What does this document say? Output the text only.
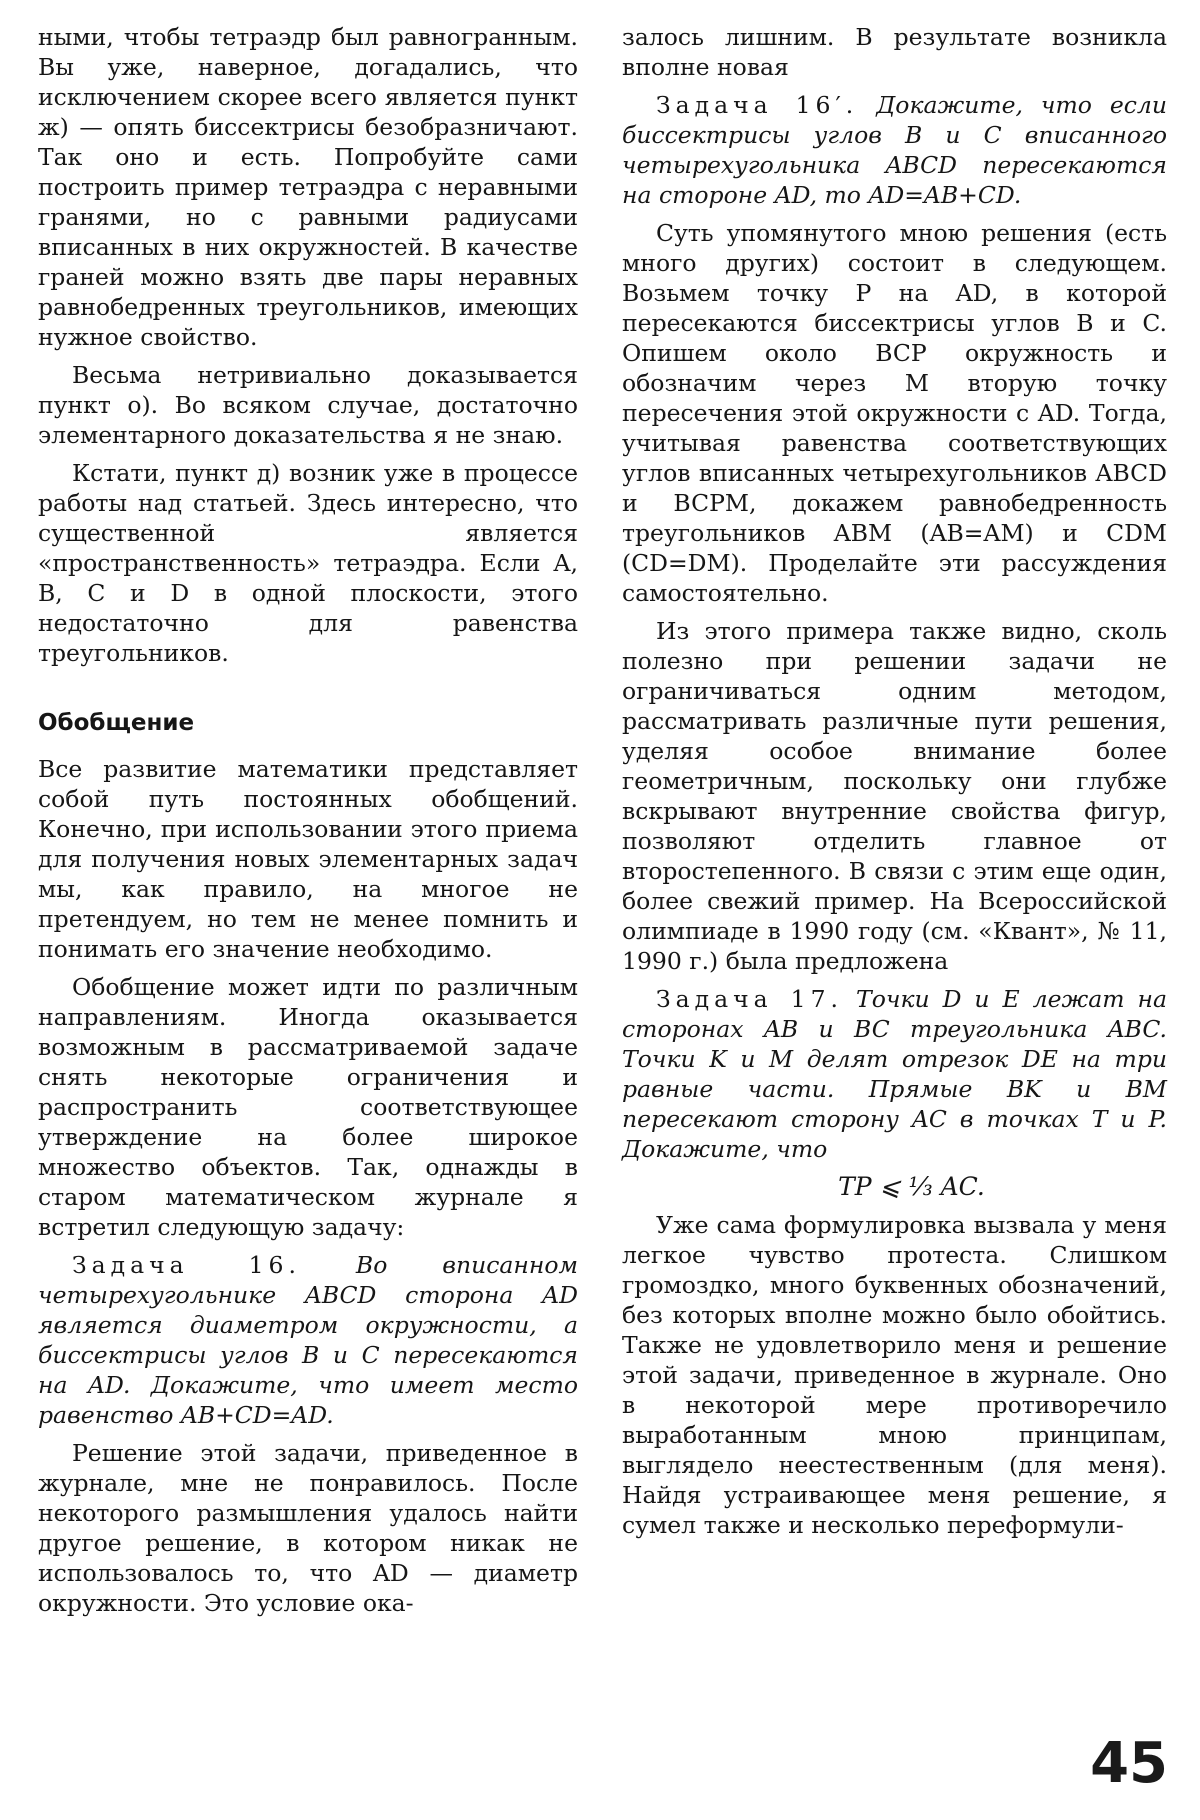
ными, чтобы тетраэдр был равногранным. Вы уже, наверное, догадались, что исключением скорее всего является пункт ж) — опять биссектрисы безобразничают. Так оно и есть. Попробуйте сами построить пример тетраэдра с неравными гранями, но с равными радиусами вписанных в них окружностей. В качестве граней можно взять две пары неравных равнобедренных треугольников, имеющих нужное свойство.

Весьма нетривиально доказывается пункт о). Во всяком случае, достаточно элементарного доказательства я не знаю.

Кстати, пункт д) возник уже в процессе работы над статьей. Здесь интересно, что существенной является «пространственность» тетраэдра. Если A, B, C и D в одной плоскости, этого недостаточно для равенства треугольников.

Обобщение

Все развитие математики представляет собой путь постоянных обобщений. Конечно, при использовании этого приема для получения новых элементарных задач мы, как правило, на многое не претендуем, но тем не менее помнить и понимать его значение необходимо.

Обобщение может идти по различным направлениям. Иногда оказывается возможным в рассматриваемой задаче снять некоторые ограничения и распространить соответствующее утверждение на более широкое множество объектов. Так, однажды в старом математическом журнале я встретил следующую задачу:

Задача 16. Во вписанном четырехугольнике ABCD сторона AD является диаметром окружности, а биссектрисы углов B и C пересекаются на AD. Докажите, что имеет место равенство AB+CD=AD.

Решение этой задачи, приведенное в журнале, мне не понравилось. После некоторого размышления удалось найти другое решение, в котором никак не использовалось то, что AD — диаметр окружности. Это условие ока-

залось лишним. В результате возникла вполне новая

Задача 16′. Докажите, что если биссектрисы углов B и C вписанного четырехугольника ABCD пересекаются на стороне AD, то AD=AB+CD.

Суть упомянутого мною решения (есть много других) состоит в следующем. Возьмем точку P на AD, в которой пересекаются биссектрисы углов B и C. Опишем около BCP окружность и обозначим через M вторую точку пересечения этой окружности с AD. Тогда, учитывая равенства соответствующих углов вписанных четырехугольников ABCD и BCPM, докажем равнобедренность треугольников ABM (AB=AM) и CDM (CD=DM). Проделайте эти рассуждения самостоятельно.

Из этого примера также видно, сколь полезно при решении задачи не ограничиваться одним методом, рассматривать различные пути решения, уделяя особое внимание более геометричным, поскольку они глубже вскрывают внутренние свойства фигур, позволяют отделить главное от второстепенного. В связи с этим еще один, более свежий пример. На Всероссийской олимпиаде в 1990 году (см. «Квант», № 11, 1990 г.) была предложена

Задача 17. Точки D и E лежат на сторонах AB и BC треугольника ABC. Точки K и M делят отрезок DE на три равные части. Прямые BK и BM пересекают сторону AC в точках T и P. Докажите, что

TP ⩽ ⅓ AC.

Уже сама формулировка вызвала у меня легкое чувство протеста. Слишком громоздко, много буквенных обозначений, без которых вполне можно было обойтись. Также не удовлетворило меня и решение этой задачи, приведенное в журнале. Оно в некоторой мере противоречило выработанным мною принципам, выглядело неестественным (для меня). Найдя устраивающее меня решение, я сумел также и несколько переформули-

45
